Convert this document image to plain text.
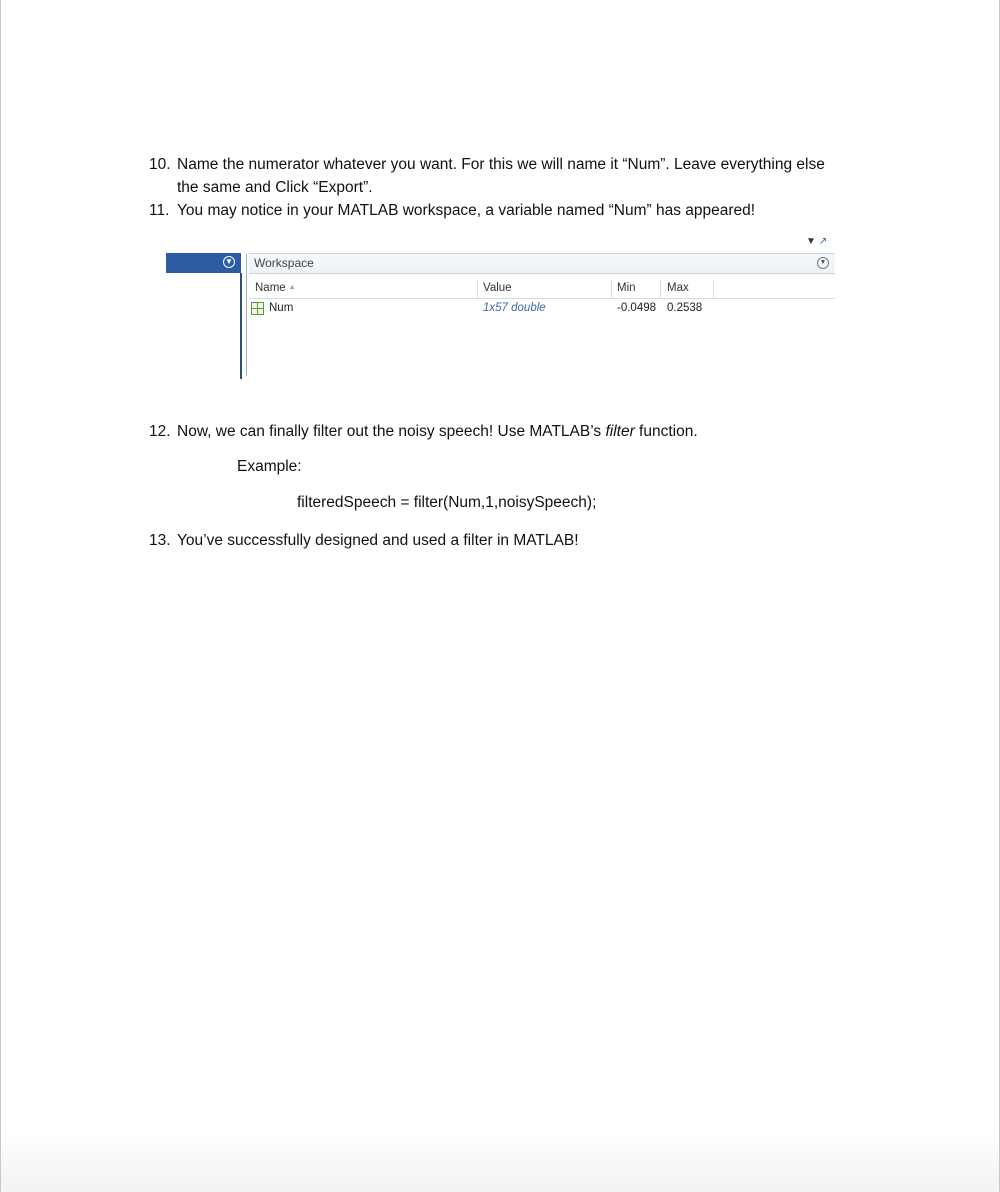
10. Name the numerator whatever you want. For this we will name it “Num”. Leave everything else
the same and Click “Export”.
11. You may notice in your MATLAB workspace, a variable named “Num” has appeared!
▼ ↗
▼ Workspace	▼
Name ▲	Value	Min	Max
Num	1x57 double	-0.0498 0.2538
12. Now, we can finally filter out the noisy speech! Use MATLAB’s filter function.
Example:
filteredSpeech = filter(Num,1,noisySpeech);
13. You’ve successfully designed and used a filter in MATLAB!
